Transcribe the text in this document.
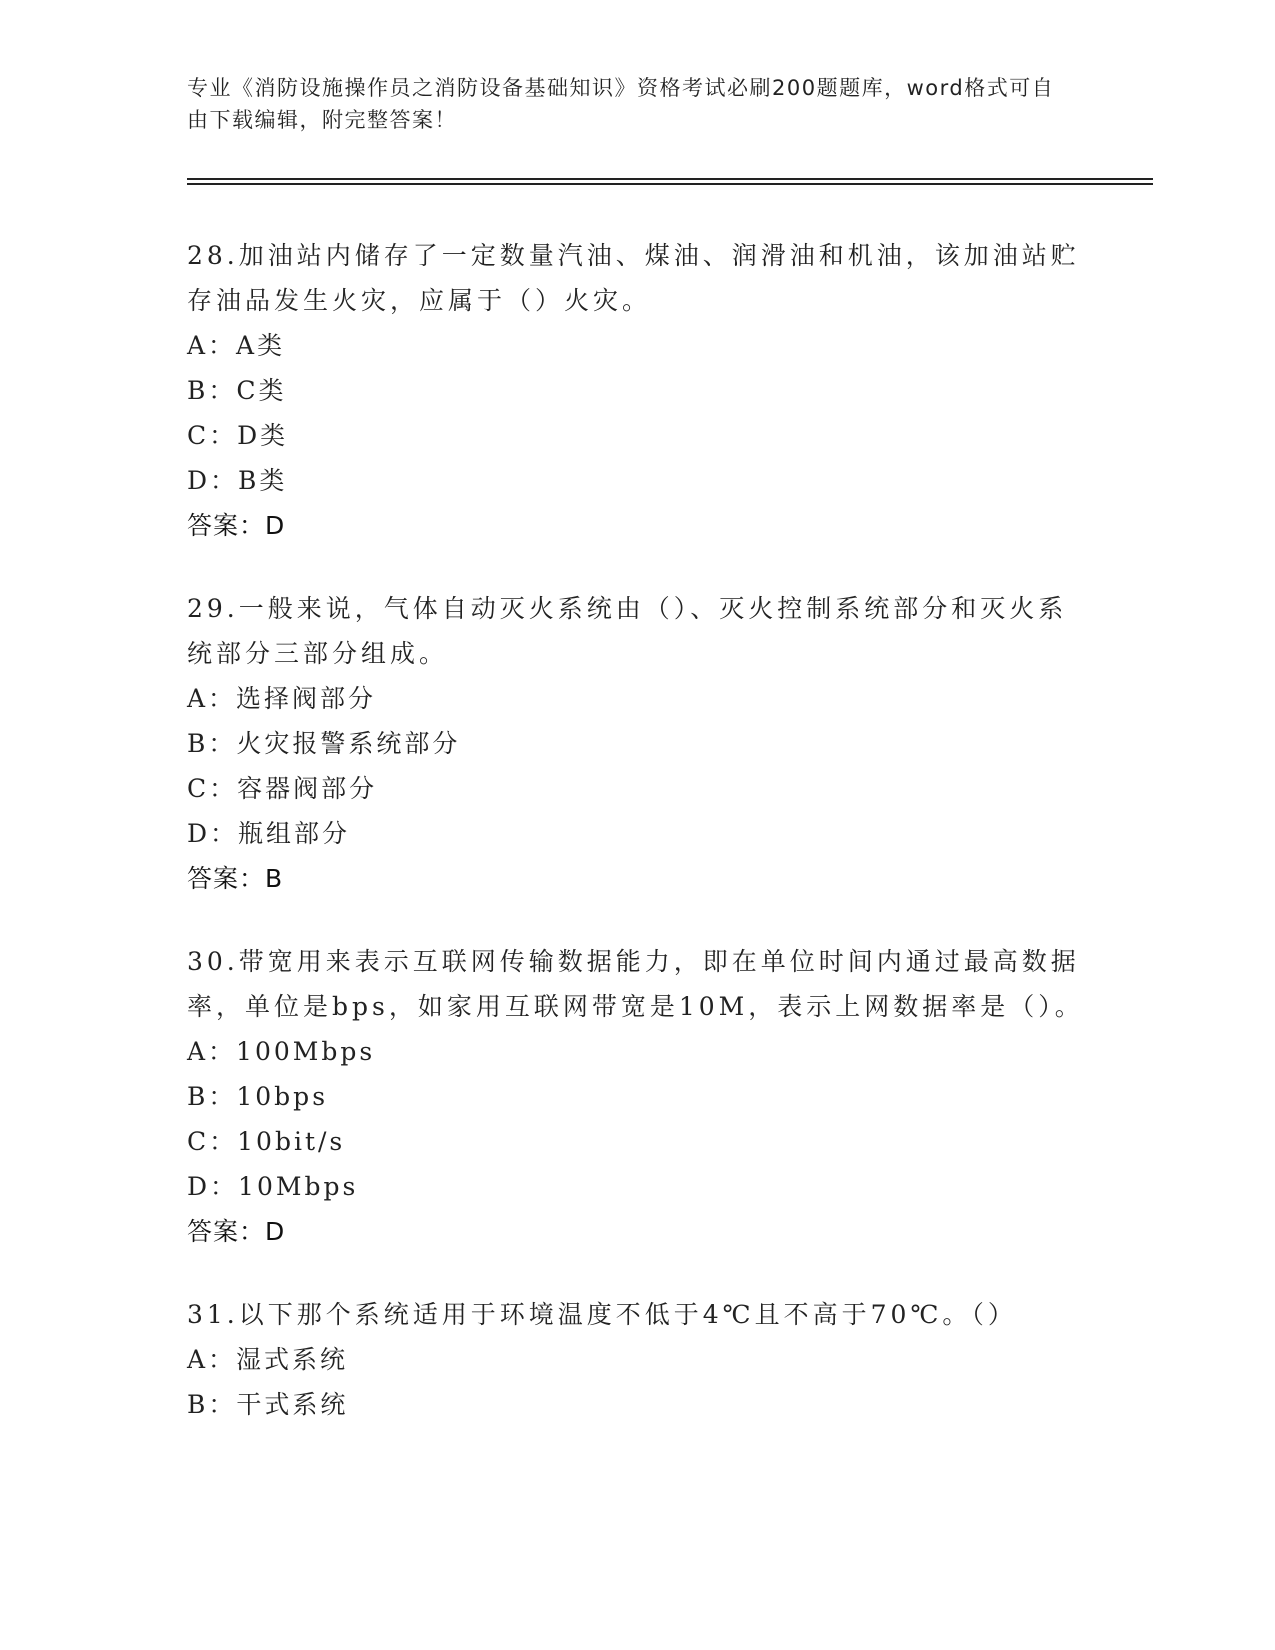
专业《消防设施操作员之消防设备基础知识》资格考试必刷200题题库，word格式可自由下载编辑，附完整答案！
28.加油站内储存了一定数量汽油、煤油、润滑油和机油，该加油站贮存油品发生火灾，应属于（）火灾。
A：A类
B：C类
C：D类
D：B类
答案：D
29.一般来说，气体自动灭火系统由（）、灭火控制系统部分和灭火系统部分三部分组成。
A：选择阀部分
B：火灾报警系统部分
C：容器阀部分
D：瓶组部分
答案：B
30.带宽用来表示互联网传输数据能力，即在单位时间内通过最高数据率，单位是bps，如家用互联网带宽是10M，表示上网数据率是（）。
A：100Mbps
B：10bps
C：10bit/s
D：10Mbps
答案：D
31.以下那个系统适用于环境温度不低于4℃且不高于70℃。（）
A：湿式系统
B：干式系统
